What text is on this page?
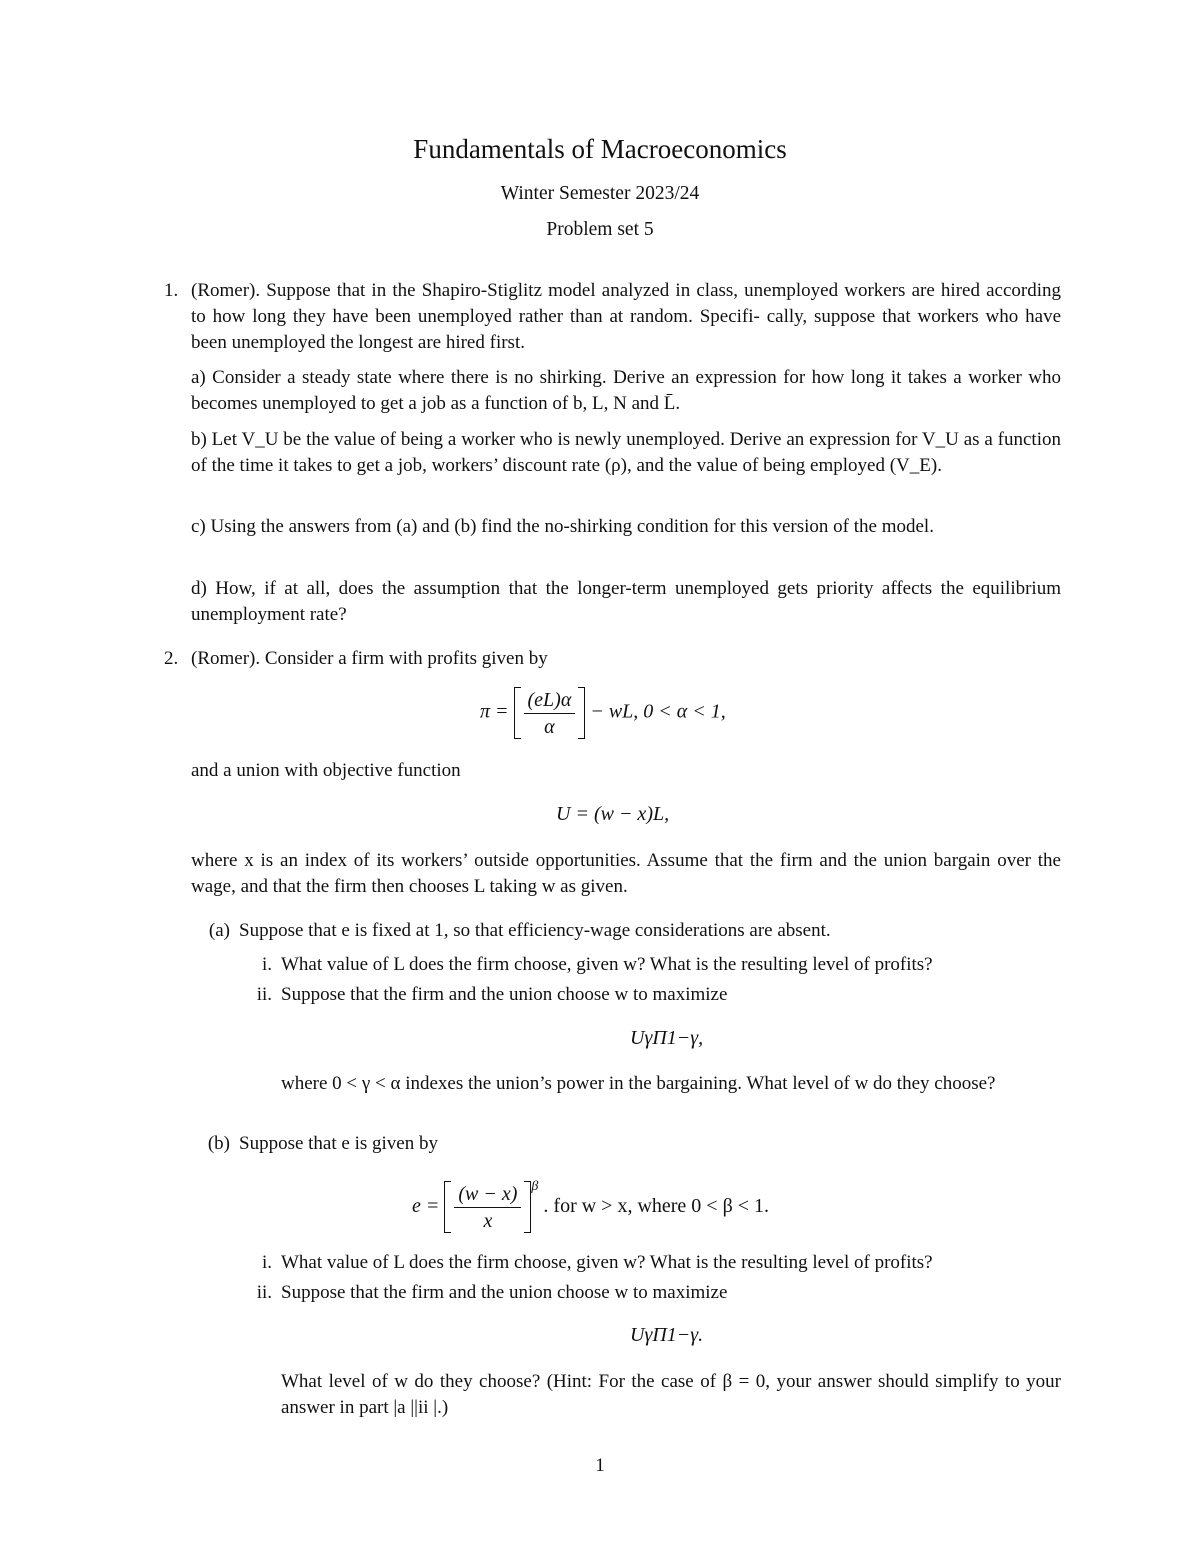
Fundamentals of Macroeconomics
Winter Semester 2023/24
Problem set 5
1. (Romer). Suppose that in the Shapiro-Stiglitz model analyzed in class, unemployed workers are hired according to how long they have been unemployed rather than at random. Specifi- cally, suppose that workers who have been unemployed the longest are hired first.
a) Consider a steady state where there is no shirking. Derive an expression for how long it takes a worker who becomes unemployed to get a job as a function of b, L, N and L̄.
b) Let V_U be the value of being a worker who is newly unemployed. Derive an expression for V_U as a function of the time it takes to get a job, workers’ discount rate (ρ), and the value of being employed (V_E).
c) Using the answers from (a) and (b) find the no-shirking condition for this version of the model.
d) How, if at all, does the assumption that the longer-term unemployed gets priority affects the equilibrium unemployment rate?
2. (Romer). Consider a firm with profits given by
$\pi = \frac{(eL)\alpha}{\alpha}$ − wL, 0 < α < 1,
and a union with objective function
U = (w − x)L,
where x is an index of its workers’ outside opportunities. Assume that the firm and the union bargain over the wage, and that the firm then chooses L taking w as given.
(a) Suppose that e is fixed at 1, so that efficiency-wage considerations are absent.
i. What value of L does the firm choose, given w? What is the resulting level of profits?
ii. Suppose that the firm and the union choose w to maximize
UγΠ1−γ,
where 0 < γ < α indexes the union’s power in the bargaining. What level of w do they choose?
(b) Suppose that e is given by
$e = \frac{(w - x)}{x} ^\beta$ . for w > x, where 0 < β < 1.
i. What value of L does the firm choose, given w? What is the resulting level of profits?
ii. Suppose that the firm and the union choose w to maximize
UγΠ1−γ.
What level of w do they choose? (Hint: For the case of β = 0, your answer should simplify to your answer in part |a ||ii |.)
1
